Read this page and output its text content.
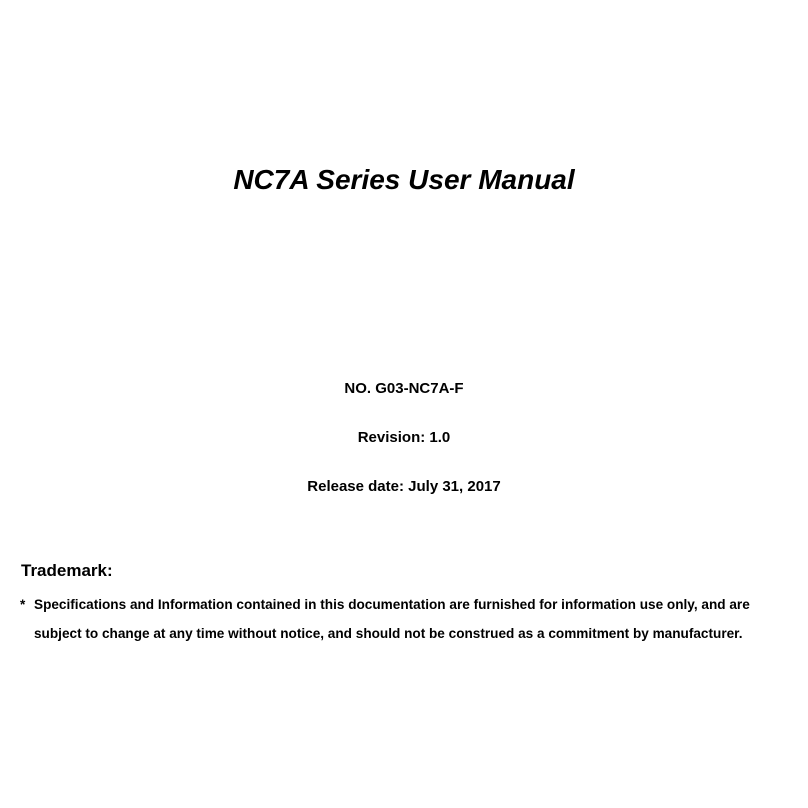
NC7A Series User Manual
NO. G03-NC7A-F
Revision: 1.0
Release date: July 31, 2017
Trademark:
* Specifications and Information contained in this documentation are furnished for information use only, and are subject to change at any time without notice, and should not be construed as a commitment by manufacturer.
